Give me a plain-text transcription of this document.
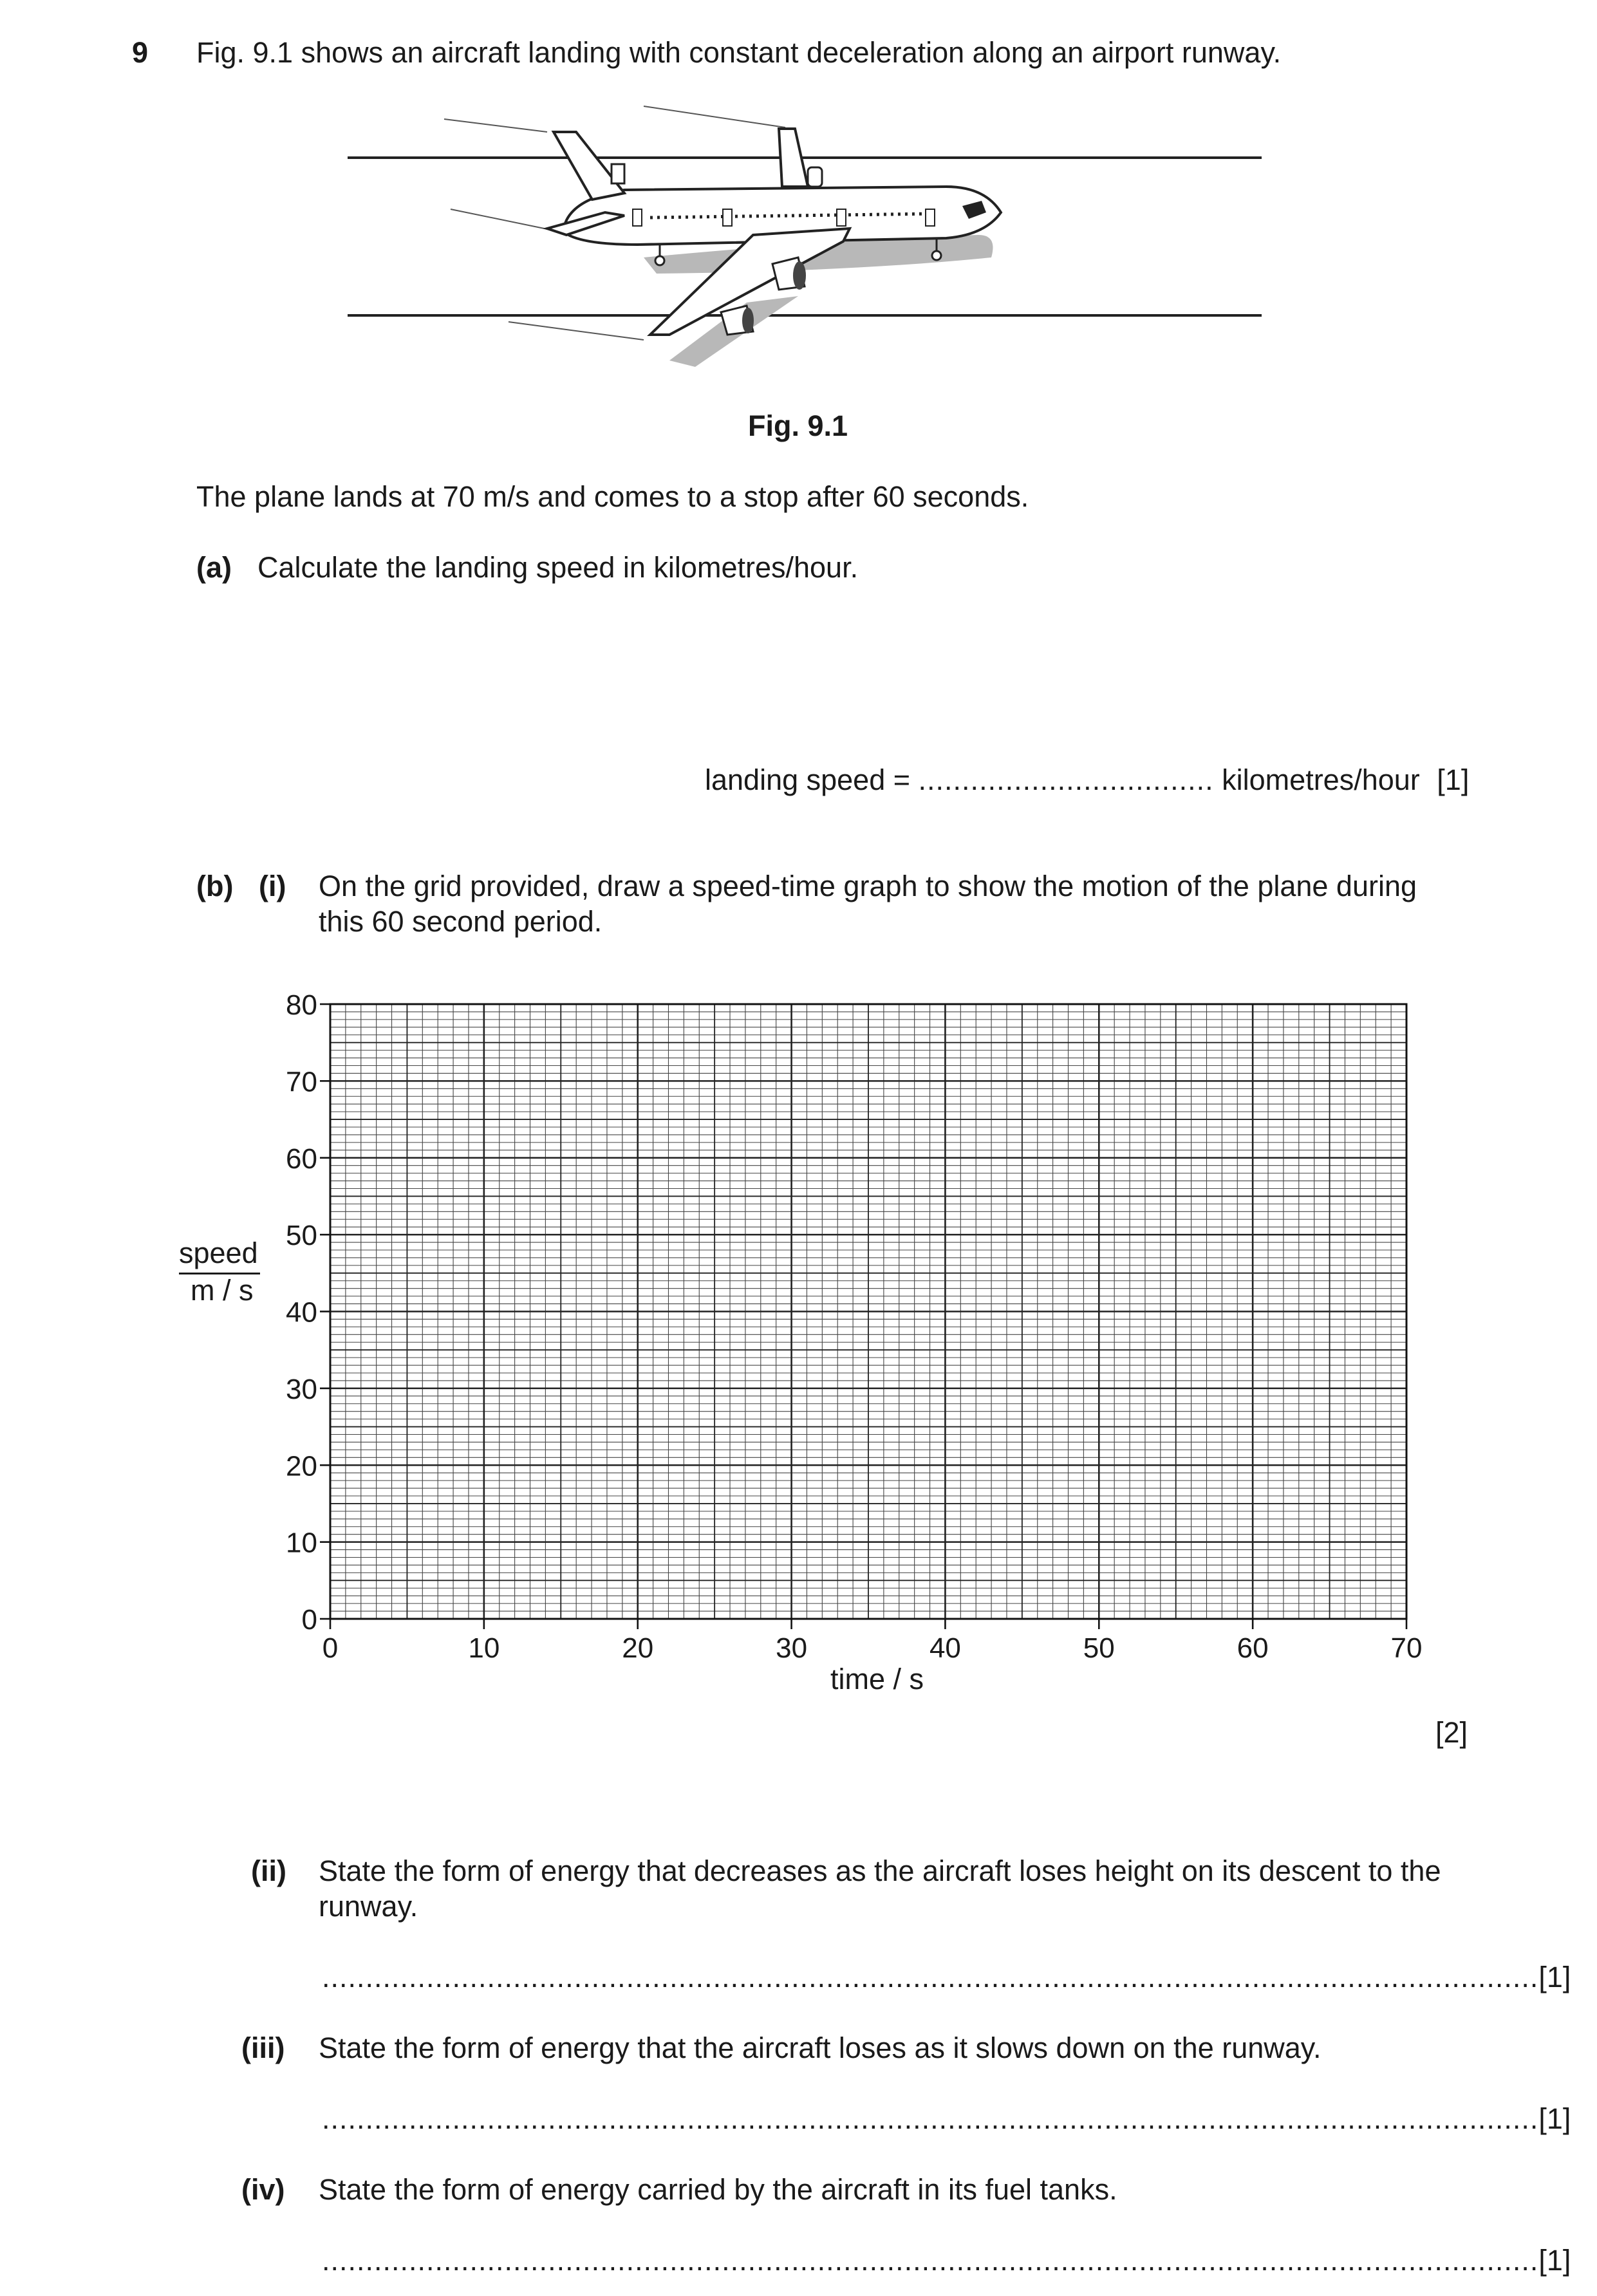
9 Fig. 9.1 shows an aircraft landing with constant deceleration along an airport runway.
Fig. 9.1
The plane lands at 70 m/s and comes to a stop after 60 seconds.
(a) Calculate the landing speed in kilometres/hour.
landing speed = .................................. kilometres/hour [1]
(b) (i) On the grid provided, draw a speed-time graph to show the motion of the plane during
this 60 second period.
0	10	20	30	40	50	60	70
0
10
20
30
40
50
60
70
80
speed
m / s
time / s
[2]
(ii) State the form of energy that decreases as the aircraft loses height on its descent to the
runway.
............................................................................................................................................[1]
(iii) State the form of energy that the aircraft loses as it slows down on the runway.
............................................................................................................................................[1]
(iv) State the form of energy carried by the aircraft in its fuel tanks.
............................................................................................................................................[1]
